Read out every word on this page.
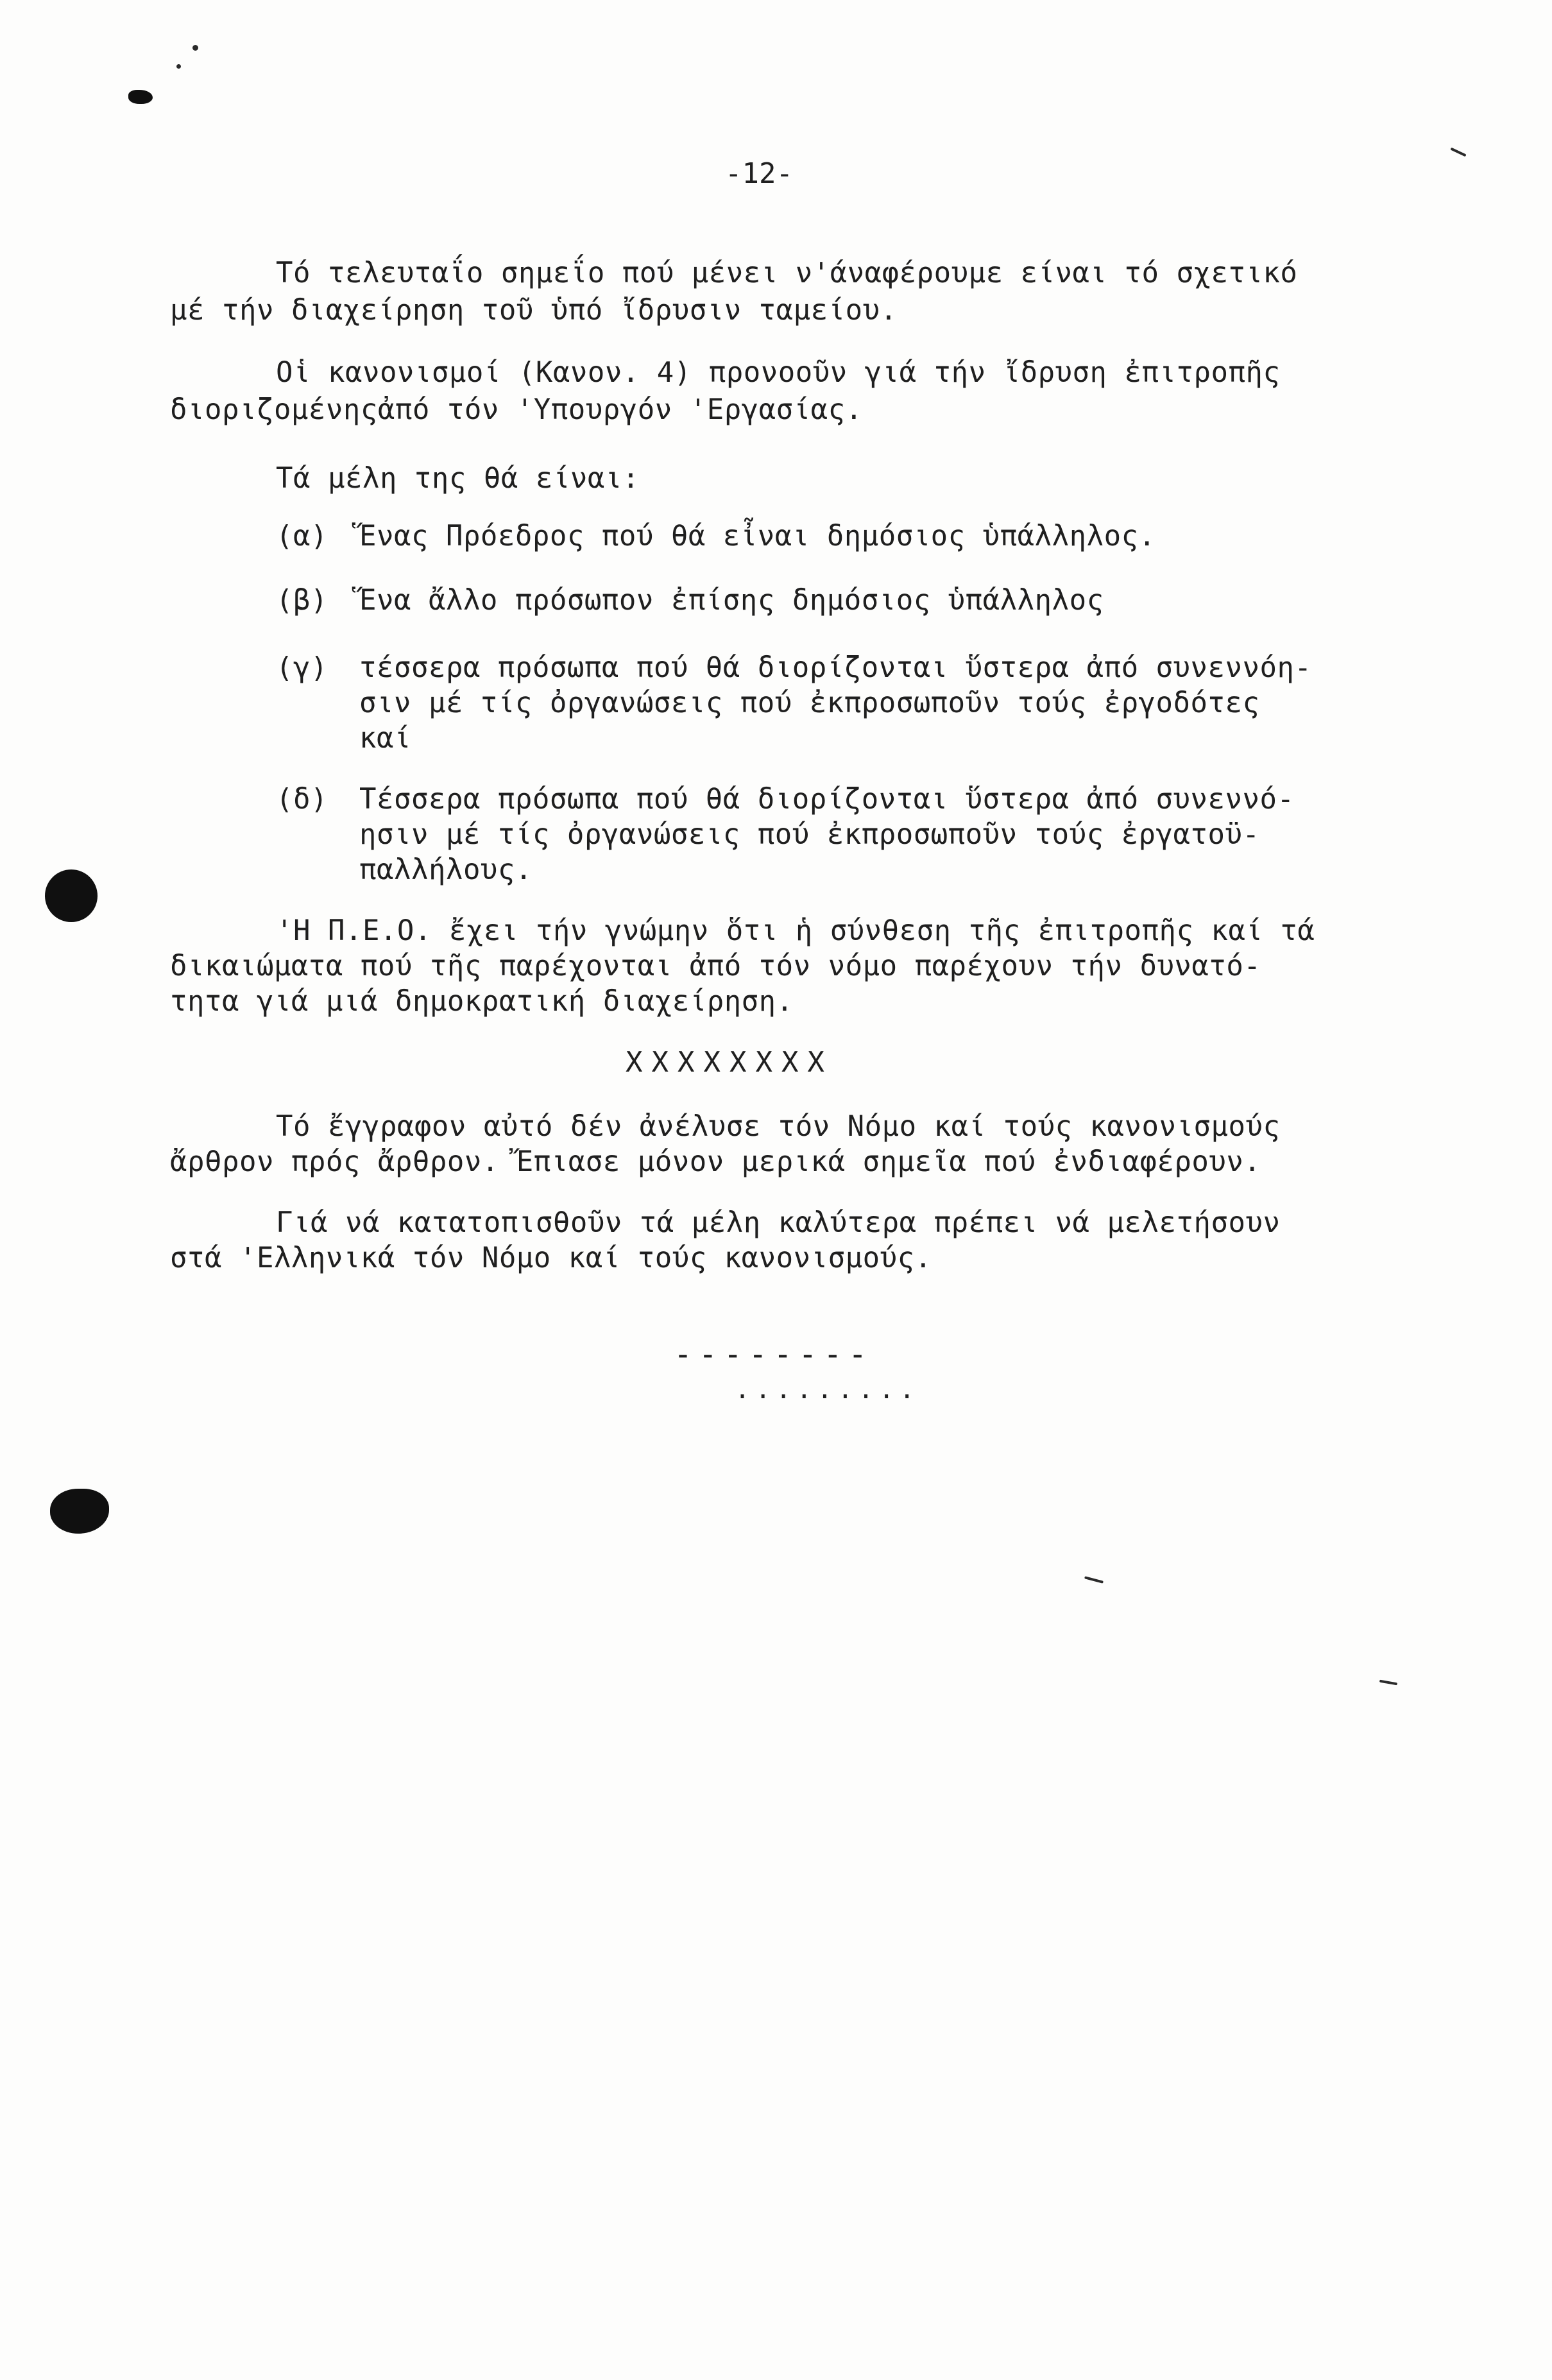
-12-
Τό τελευταΐο σημεΐο πού μένει ν'άναφέρουμε είναι τό σχετικό
μέ τήν διαχείρηση τοῦ ὑπό ἴδρυσιν ταμείου.
Οἱ κανονισμοί (Κανον. 4) προνοοῦν γιά τήν ἴδρυση ἐπιτροπῆς
διοριζομένηςἀπό τόν 'Υπουργόν 'Εργασίας.
Τά μέλη της θά είναι:
(α) Ἕνας Πρόεδρος πού θά εἶναι δημόσιος ὑπάλληλος.
(β) Ἕνα ἄλλο πρόσωπον ἐπίσης δημόσιος ὑπάλληλος
(γ) τέσσερα πρόσωπα πού θά διορίζονται ὕστερα ἀπό συνεννόη-
σιν μέ τίς ὀργανώσεις πού ἐκπροσωποῦν τούς ἐργοδότες
καί
(δ) Τέσσερα πρόσωπα πού θά διορίζονται ὕστερα ἀπό συνεννό-
ησιν μέ τίς ὀργανώσεις πού ἐκπροσωποῦν τούς ἐργατοϋ-
παλλήλους.
'Η Π.Ε.Ο. ἔχει τήν γνώμην ὅτι ἡ σύνθεση τῆς ἐπιτροπῆς καί τά
δικαιώματα πού τῆς παρέχονται ἀπό τόν νόμο παρέχουν τήν δυνατό-
τητα γιά μιά δημοκρατική διαχείρηση.
XXXXXXXX
Τό ἔγγραφον αὐτό δέν ἀνέλυσε τόν Νόμο καί τούς κανονισμούς
ἄρθρον πρός ἄρθρον. Ἔπιασε μόνον μερικά σημεῖα πού ἐνδιαφέρουν.
Γιά νά κατατοπισθοῦν τά μέλη καλύτερα πρέπει νά μελετήσουν
στά 'Ελληνικά τόν Νόμο καί τούς κανονισμούς.
--------
.........
